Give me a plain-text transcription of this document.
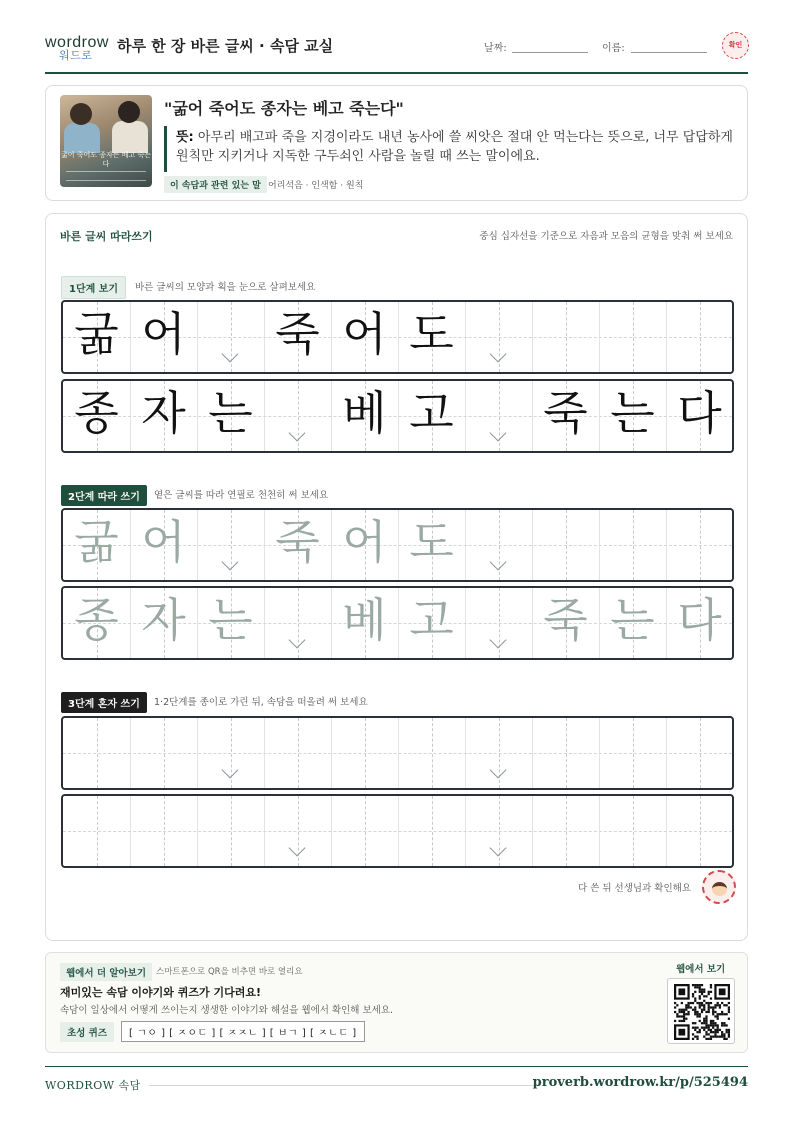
wordrow
워드로
하루 한 장 바른 글씨 · 속담 교실	날짜:	이름:	확인
굶어 죽어도 종자는 베고 죽는다
"굶어 죽어도 종자는 베고 죽는다"
뜻: 아무리 배고파 죽을 지경이라도 내년 농사에 쓸 씨앗은 절대 안 먹는다는 뜻으로, 너무 답답하게 원칙만 지키거나 지독한 구두쇠인 사람을 놀릴 때 쓰는 말이에요.
이 속담과 관련 있는 말 어리석음 · 인색함 · 원칙
바른 글씨 따라쓰기	중심 십자선을 기준으로 자음과 모음의 균형을 맞춰 써 보세요
1단계 보기	바른 글씨의 모양과 획을 눈으로 살펴보세요
굶 어 죽 어 도
종 자 는 베 고 죽 는 다
2단계 따라 쓰기	옅은 글씨를 따라 연필로 천천히 써 보세요
굶 어 죽 어 도
종 자 는 베 고 죽 는 다
3단계 혼자 쓰기	1·2단계를 종이로 가린 뒤, 속담을 떠올려 써 보세요
다 쓴 뒤 선생님과 확인해요
웹에서 더 알아보기	스마트폰으로 QR을 비추면 바로 열리요
재미있는 속담 이야기와 퀴즈가 기다려요!
속담이 일상에서 어떻게 쓰이는지 생생한 이야기와 해설을 웹에서 확인해 보세요.
초성 퀴즈	[ ㄱㅇ ] [ ㅈㅇㄷ ] [ ㅈㅈㄴ ] [ ㅂㄱ ] [ ㅈㄴㄷ ]
웹에서 보기
WORDROW 속담	proverb.wordrow.kr/p/525494
